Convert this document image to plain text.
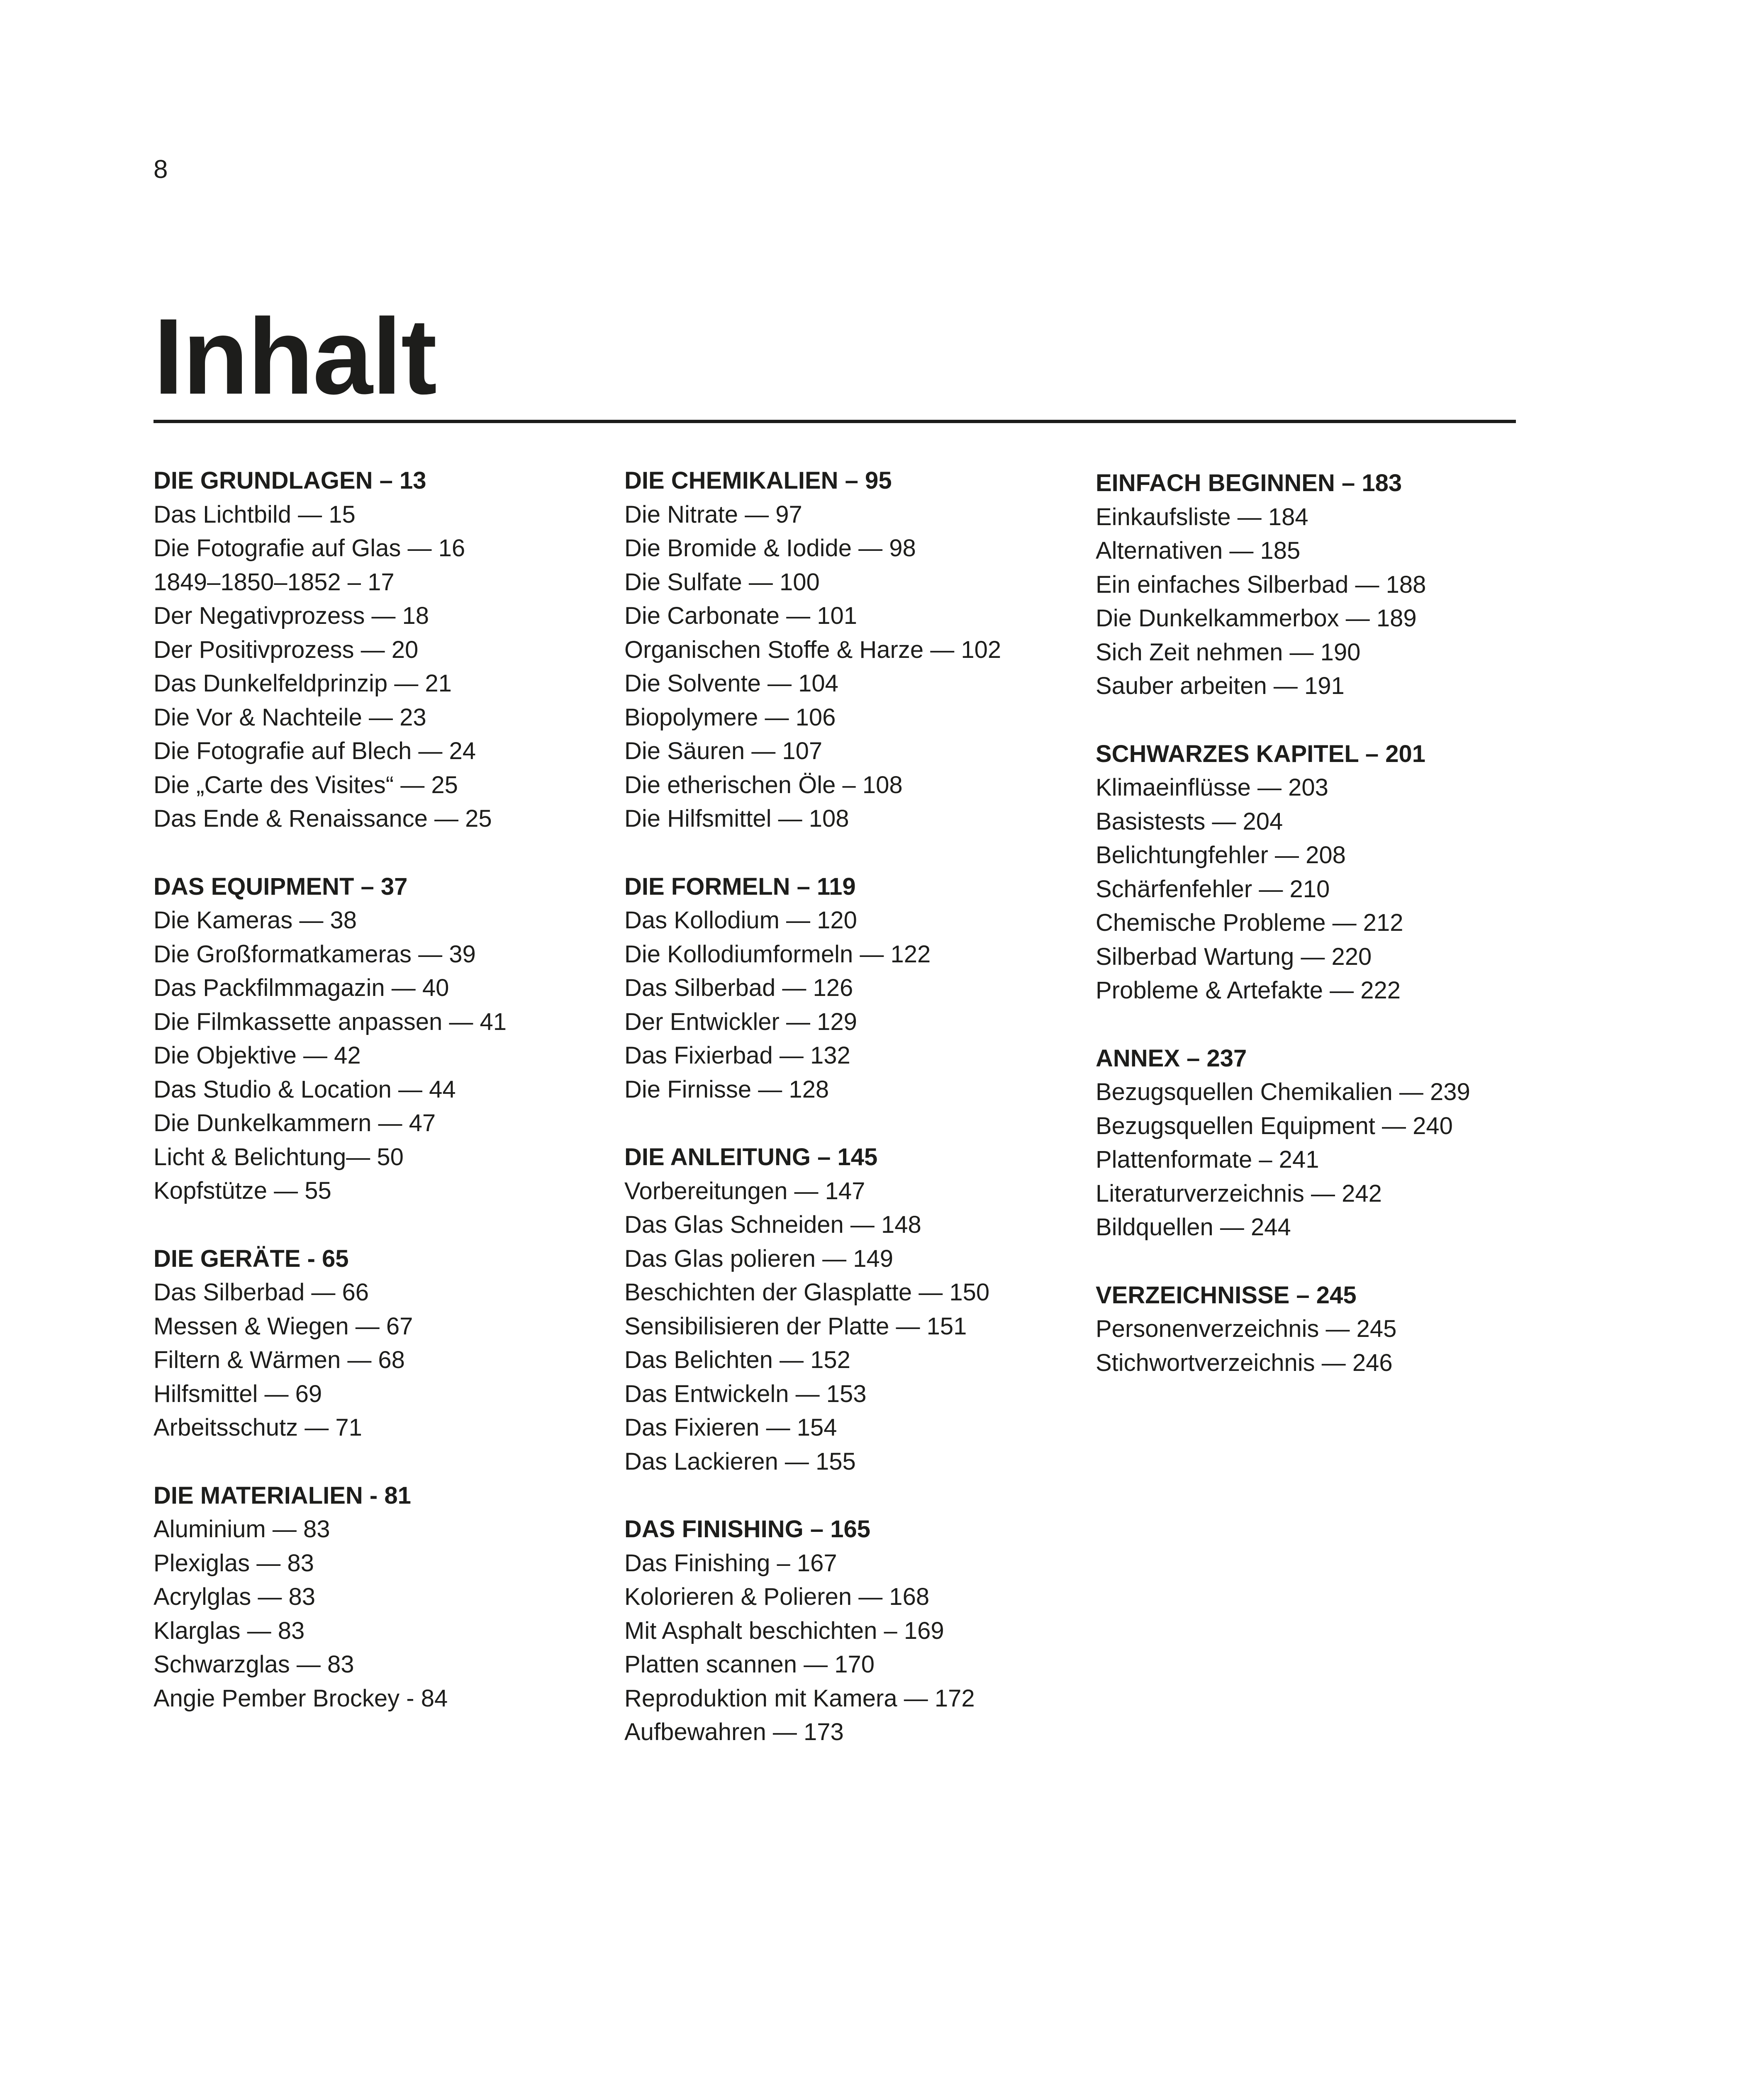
8
Inhalt
DIE GRUNDLAGEN – 13
Das Lichtbild — 15
Die Fotografie auf Glas — 16
1849–1850–1852 – 17
Der Negativprozess — 18
Der Positivprozess — 20
Das Dunkelfeldprinzip — 21
Die Vor & Nachteile — 23
Die Fotografie auf Blech — 24
Die „Carte des Visites“ — 25
Das Ende & Renaissance — 25
DAS EQUIPMENT – 37
Die Kameras — 38
Die Großformatkameras — 39
Das Packfilmmagazin — 40
Die Filmkassette anpassen — 41
Die Objektive — 42
Das Studio & Location — 44
Die Dunkelkammern — 47
Licht & Belichtung— 50
Kopfstütze — 55
DIE GERÄTE - 65
Das Silberbad — 66
Messen & Wiegen — 67
Filtern & Wärmen — 68
Hilfsmittel — 69
Arbeitsschutz — 71
DIE MATERIALIEN - 81
Aluminium — 83
Plexiglas — 83
Acrylglas — 83
Klarglas — 83
Schwarzglas — 83
Angie Pember Brockey - 84
DIE CHEMIKALIEN – 95
Die Nitrate — 97
Die Bromide & Iodide — 98
Die Sulfate — 100
Die Carbonate — 101
Organischen Stoffe & Harze — 102
Die Solvente — 104
Biopolymere — 106
Die Säuren — 107
Die etherischen Öle – 108
Die Hilfsmittel — 108
DIE FORMELN – 119
Das Kollodium — 120
Die Kollodiumformeln — 122
Das Silberbad — 126
Der Entwickler — 129
Das Fixierbad — 132
Die Firnisse — 128
DIE ANLEITUNG – 145
Vorbereitungen — 147
Das Glas Schneiden — 148
Das Glas polieren — 149
Beschichten der Glasplatte — 150
Sensibilisieren der Platte — 151
Das Belichten — 152
Das Entwickeln — 153
Das Fixieren — 154
Das Lackieren — 155
DAS FINISHING – 165
Das Finishing – 167
Kolorieren & Polieren — 168
Mit Asphalt beschichten – 169
Platten scannen — 170
Reproduktion mit Kamera — 172
Aufbewahren — 173
EINFACH BEGINNEN – 183
Einkaufsliste — 184
Alternativen — 185
Ein einfaches Silberbad — 188
Die Dunkelkammerbox — 189
Sich Zeit nehmen — 190
Sauber arbeiten — 191
SCHWARZES KAPITEL – 201
Klimaeinflüsse — 203
Basistests — 204
Belichtungfehler — 208
Schärfenfehler — 210
Chemische Probleme — 212
Silberbad Wartung — 220
Probleme & Artefakte — 222
ANNEX – 237
Bezugsquellen Chemikalien — 239
Bezugsquellen Equipment — 240
Plattenformate – 241
Literaturverzeichnis — 242
Bildquellen — 244
VERZEICHNISSE – 245
Personenverzeichnis — 245
Stichwortverzeichnis — 246
